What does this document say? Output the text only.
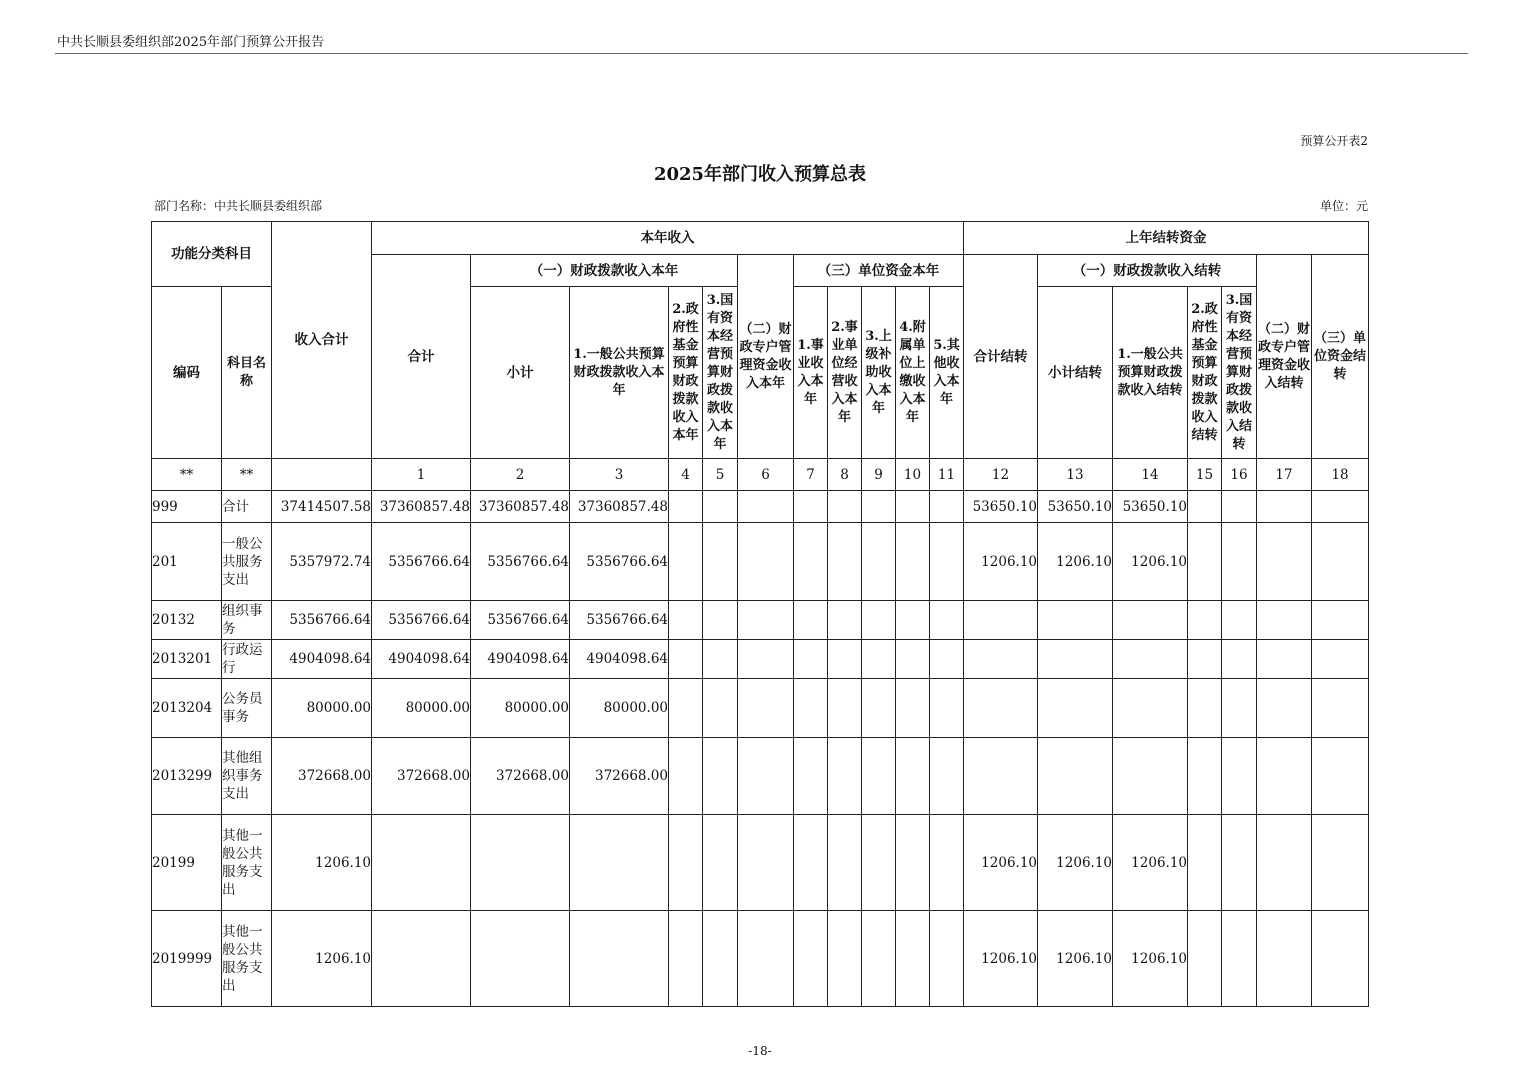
中共长顺县委组织部2025年部门预算公开报告
预算公开表2
2025年部门收入预算总表
部门名称：中共长顺县委组织部	单位：元
功能分类科目		收入合计	本年收入											上年结转资金						
			合计	（一）财政拨款收入本年				（二）财政专户管理资金收入本年	（三）单位资金本年					合计结转	（一）财政拨款收入结转				（二）财政专户管理资金收入结转	（三）单位资金结转
编码	科目名称			小计	1.一般公共预算财政拨款收入本年	2.政府性基金预算财政拨款收入本年	3.国有资本经营预算财政拨款收入本年		1.事业收入本年	2.事业单位经营收入本年	3.上级补助收入本年	4.附属单位上缴收入本年	5.其他收入本年		小计结转	1.一般公共预算财政拨款收入结转	2.政府性基金预算财政拨款收入结转	3.国有资本经营预算财政拨款收入结转		
**	**		1	2	3	4	5	6	7	8	9	10	11	12	13	14	15	16	17	18
999	合计	37414507.58	37360857.48	37360857.48	37360857.48									53650.10	53650.10	53650.10				
201	一般公共服务支出	5357972.74	5356766.64	5356766.64	5356766.64									1206.10	1206.10	1206.10				
20132	组织事务	5356766.64	5356766.64	5356766.64	5356766.64															
2013201	行政运行	4904098.64	4904098.64	4904098.64	4904098.64															
2013204	公务员事务	80000.00	80000.00	80000.00	80000.00															
2013299	其他组织事务支出	372668.00	372668.00	372668.00	372668.00															
20199	其他一般公共服务支出	1206.10												1206.10	1206.10	1206.10				
2019999	其他一般公共服务支出	1206.10												1206.10	1206.10	1206.10				
-18-
